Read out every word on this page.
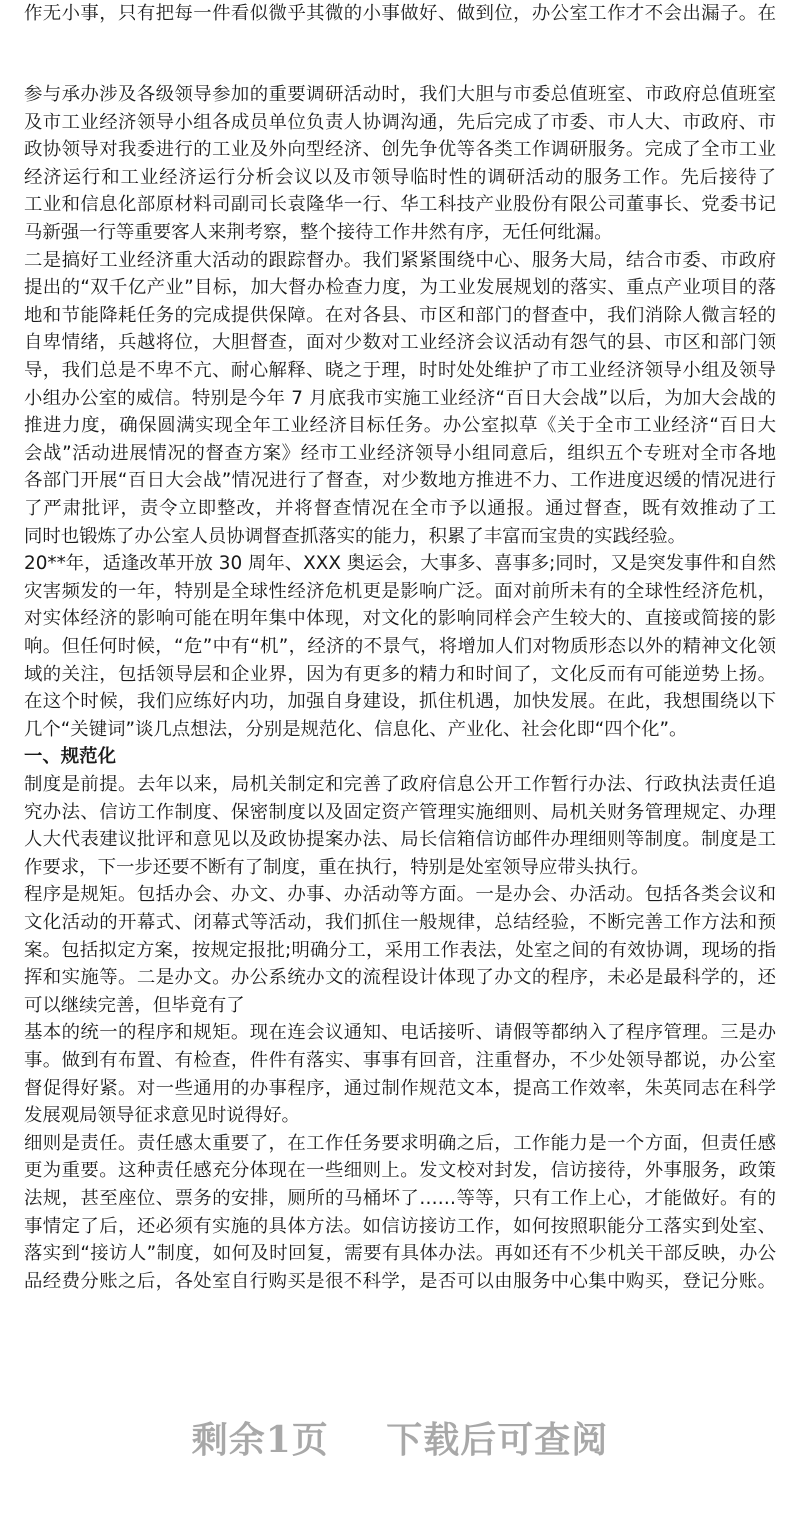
作无小事，只有把每一件看似微乎其微的小事做好、做到位，办公室工作才不会出漏子。在
参与承办涉及各级领导参加的重要调研活动时，我们大胆与市委总值班室、市政府总值班室
及市工业经济领导小组各成员单位负责人协调沟通，先后完成了市委、市人大、市政府、市
政协领导对我委进行的工业及外向型经济、创先争优等各类工作调研服务。完成了全市工业
经济运行和工业经济运行分析会议以及市领导临时性的调研活动的服务工作。先后接待了
工业和信息化部原材料司副司长袁隆华一行、华工科技产业股份有限公司董事长、党委书记
马新强一行等重要客人来荆考察，整个接待工作井然有序，无任何纰漏。
二是搞好工业经济重大活动的跟踪督办。我们紧紧围绕中心、服务大局，结合市委、市政府
提出的“双千亿产业”目标，加大督办检查力度，为工业发展规划的落实、重点产业项目的落
地和节能降耗任务的完成提供保障。在对各县、市区和部门的督查中，我们消除人微言轻的
自卑情绪，兵越将位，大胆督查，面对少数对工业经济会议活动有怨气的县、市区和部门领
导，我们总是不卑不亢、耐心解释、晓之于理，时时处处维护了市工业经济领导小组及领导
小组办公室的威信。特别是今年 7 月底我市实施工业经济“百日大会战”以后，为加大会战的
推进力度，确保圆满实现全年工业经济目标任务。办公室拟草《关于全市工业经济“百日大
会战”活动进展情况的督查方案》经市工业经济领导小组同意后，组织五个专班对全市各地
各部门开展“百日大会战”情况进行了督查，对少数地方推进不力、工作进度迟缓的情况进行
了严肃批评，责令立即整改，并将督查情况在全市予以通报。通过督查，既有效推动了工
同时也锻炼了办公室人员协调督查抓落实的能力，积累了丰富而宝贵的实践经验。
20**年，适逢改革开放 30 周年、XXX 奥运会，大事多、喜事多;同时，又是突发事件和自然
灾害频发的一年，特别是全球性经济危机更是影响广泛。面对前所未有的全球性经济危机，
对实体经济的影响可能在明年集中体现，对文化的影响同样会产生较大的、直接或简接的影
响。但任何时候，“危”中有“机”，经济的不景气，将增加人们对物质形态以外的精神文化领
域的关注，包括领导层和企业界，因为有更多的精力和时间了，文化反而有可能逆势上扬。
在这个时候，我们应练好内功，加强自身建设，抓住机遇，加快发展。在此，我想围绕以下
几个“关键词”谈几点想法，分别是规范化、信息化、产业化、社会化即“四个化”。
一、规范化
制度是前提。去年以来，局机关制定和完善了政府信息公开工作暂行办法、行政执法责任追
究办法、信访工作制度、保密制度以及固定资产管理实施细则、局机关财务管理规定、办理
人大代表建议批评和意见以及政协提案办法、局长信箱信访邮件办理细则等制度。制度是工
作要求，下一步还要不断有了制度，重在执行，特别是处室领导应带头执行。
程序是规矩。包括办会、办文、办事、办活动等方面。一是办会、办活动。包括各类会议和
文化活动的开幕式、闭幕式等活动，我们抓住一般规律，总结经验，不断完善工作方法和预
案。包括拟定方案，按规定报批;明确分工，采用工作表法，处室之间的有效协调，现场的指
挥和实施等。二是办文。办公系统办文的流程设计体现了办文的程序，未必是最科学的，还
可以继续完善，但毕竟有了
基本的统一的程序和规矩。现在连会议通知、电话接听、请假等都纳入了程序管理。三是办
事。做到有布置、有检查，件件有落实、事事有回音，注重督办，不少处领导都说，办公室
督促得好紧。对一些通用的办事程序，通过制作规范文本，提高工作效率，朱英同志在科学
发展观局领导征求意见时说得好。
细则是责任。责任感太重要了，在工作任务要求明确之后，工作能力是一个方面，但责任感
更为重要。这种责任感充分体现在一些细则上。发文校对封发，信访接待，外事服务，政策
法规，甚至座位、票务的安排，厕所的马桶坏了……等等，只有工作上心，才能做好。有的
事情定了后，还必须有实施的具体方法。如信访接访工作，如何按照职能分工落实到处室、
落实到“接访人”制度，如何及时回复，需要有具体办法。再如还有不少机关干部反映，办公
品经费分账之后，各处室自行购买是很不科学，是否可以由服务中心集中购买，登记分账。
剩余1页 下载后可查阅
